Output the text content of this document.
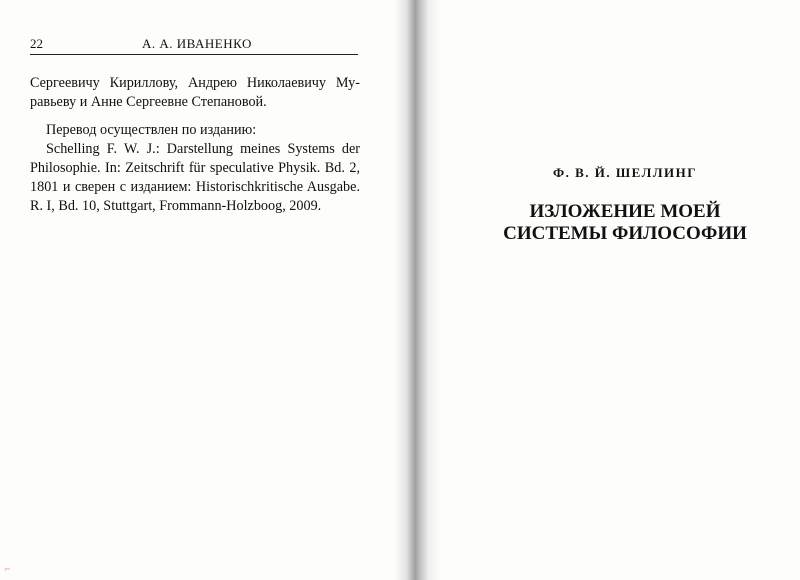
22	А. А. ИВАНЕНКО
Сергеевичу Кириллову, Андрею Николаевичу Му-
равьеву и Анне Сергеевне Степановой.
Перевод осуществлен по изданию:
Schelling F. W. J.: Darstellung meines Systems der
Philosophie. In: Zeitschrift für speculative Physik. Bd. 2,
1801 и сверен с изданием: Historischkritische Ausgabe.
R. I, Bd. 10, Stuttgart, Frommann-Holzboog, 2009.
Ф. В. Й. ШЕЛЛИНГ
ИЗЛОЖЕНИЕ МОЕЙ
СИСТЕМЫ ФИЛОСОФИИ
⌐
